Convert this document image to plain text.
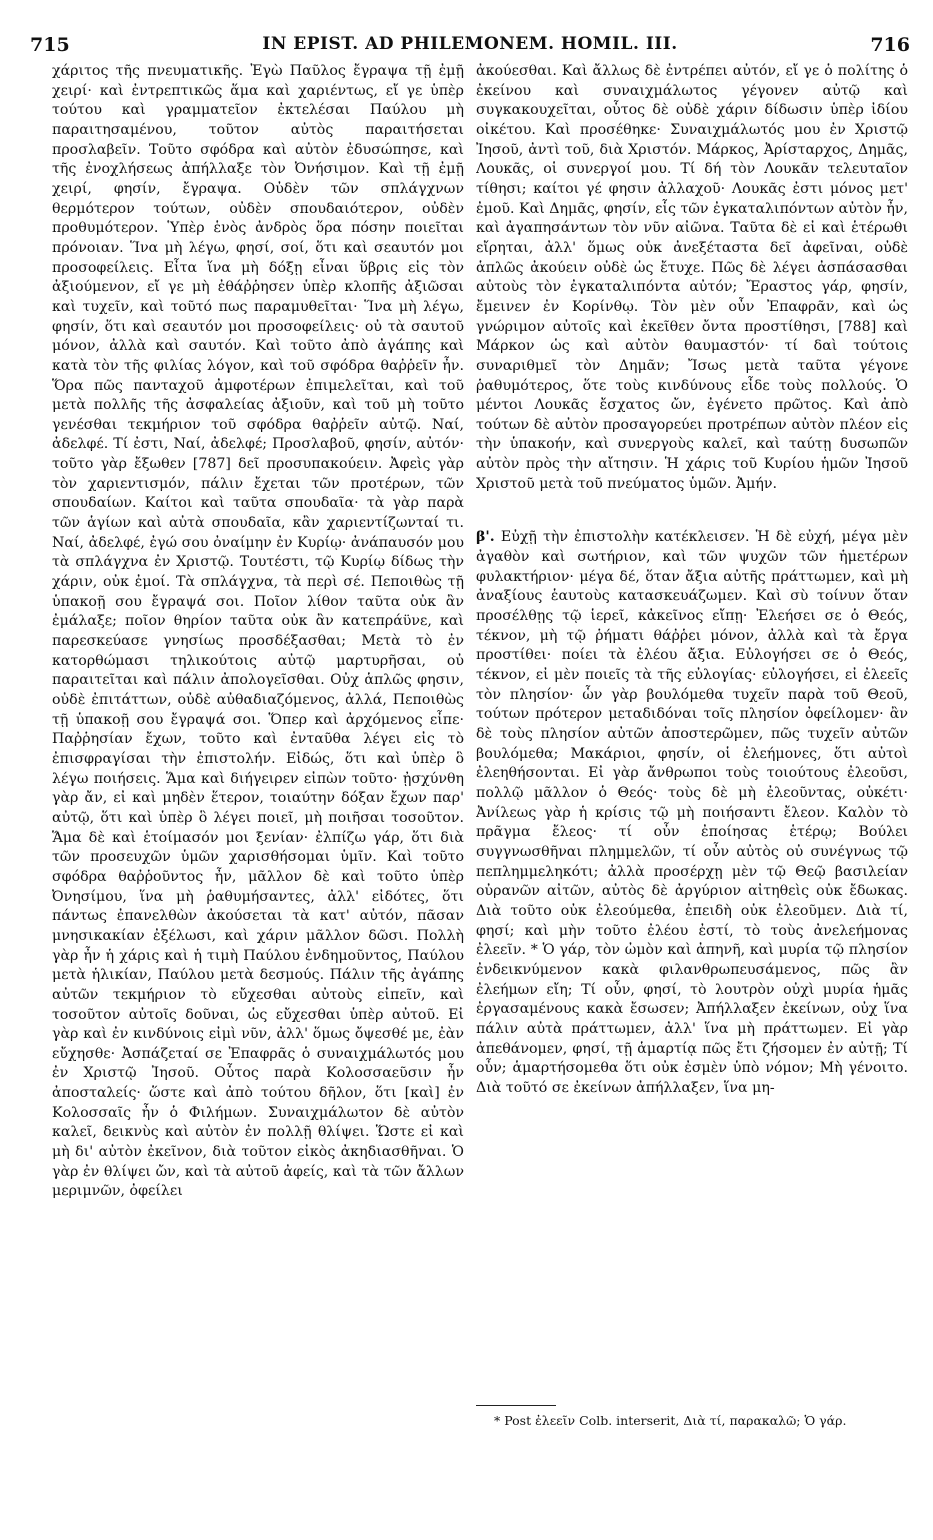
715	IN EPIST. AD PHILEMONEM. HOMIL. III.	716

χάριτος τῆς πνευματικῆς. Ἐγὼ Παῦλος ἔγραψα τῇ ἐμῇ χειρί· καὶ ἐντρεπτικῶς ἅμα καὶ χαριέντως, εἴ γε ὑπὲρ τούτου καὶ γραμματεῖον ἐκτελέσαι Παύλου μὴ παραιτησαμένου, τοῦτον αὐτὸς παραιτήσεται προσλαβεῖν. Τοῦτο σφόδρα καὶ αὐτὸν ἐδυσώπησε, καὶ τῆς ἐνοχλήσεως ἀπήλλαξε τὸν Ὀνήσιμον. Καὶ τῇ ἐμῇ χειρί, φησίν, ἔγραψα. Οὐδὲν τῶν σπλάγχνων θερμότερον τούτων, οὐδὲν σπουδαιότερον, οὐδὲν προθυμότερον. Ὑπὲρ ἑνὸς ἀνδρὸς ὅρα πόσην ποιεῖται πρόνοιαν. Ἵνα μὴ λέγω, φησί, σοί, ὅτι καὶ σεαυτόν μοι προσοφείλεις. Εἶτα ἵνα μὴ δόξῃ εἶναι ὕβρις εἰς τὸν ἀξιούμενον, εἴ γε μὴ ἐθάῤῥησεν ὑπὲρ κλοπῆς ἀξιῶσαι καὶ τυχεῖν, καὶ τοῦτό πως παραμυθεῖται· Ἵνα μὴ λέγω, φησίν, ὅτι καὶ σεαυτόν μοι προσοφείλεις· οὐ τὰ σαυτοῦ μόνον, ἀλλὰ καὶ σαυτόν. Καὶ τοῦτο ἀπὸ ἀγάπης καὶ κατὰ τὸν τῆς φιλίας λόγον, καὶ τοῦ σφόδρα θαῤῥεῖν ἦν. Ὅρα πῶς πανταχοῦ ἀμφοτέρων ἐπιμελεῖται, καὶ τοῦ μετὰ πολλῆς τῆς ἀσφαλείας ἀξιοῦν, καὶ τοῦ μὴ τοῦτο γενέσθαι τεκμήριον τοῦ σφόδρα θαῤῥεῖν αὐτῷ. Ναί, ἀδελφέ. Τί ἐστι, Ναί, ἀδελφέ; Προσλαβοῦ, φησίν, αὐτόν· τοῦτο γὰρ ἔξωθεν [787] δεῖ προσυπακούειν. Ἀφεὶς γὰρ τὸν χαριεντισμόν, πάλιν ἔχεται τῶν προτέρων, τῶν σπουδαίων. Καίτοι καὶ ταῦτα σπουδαῖα· τὰ γὰρ παρὰ τῶν ἁγίων καὶ αὐτὰ σπουδαῖα, κἂν χαριεντίζωνταί τι. Ναί, ἀδελφέ, ἐγώ σου ὀναίμην ἐν Κυρίῳ· ἀνάπαυσόν μου τὰ σπλάγχνα ἐν Χριστῷ. Τουτέστι, τῷ Κυρίῳ δίδως τὴν χάριν, οὐκ ἐμοί. Τὰ σπλάγχνα, τὰ περὶ σέ. Πεποιθὼς τῇ ὑπακοῇ σου ἔγραψά σοι. Ποῖον λίθον ταῦτα οὐκ ἂν ἐμάλαξε; ποῖον θηρίον ταῦτα οὐκ ἂν κατεπράϋνε, καὶ παρεσκεύασε γνησίως προσδέξασθαι; Μετὰ τὸ ἐν κατορθώμασι τηλικούτοις αὐτῷ μαρτυρῆσαι, οὐ παραιτεῖται καὶ πάλιν ἀπολογεῖσθαι. Οὐχ ἁπλῶς φησιν, οὐδὲ ἐπιτάττων, οὐδὲ αὐθαδιαζόμενος, ἀλλά, Πεποιθὼς τῇ ὑπακοῇ σου ἔγραψά σοι. Ὅπερ καὶ ἀρχόμενος εἶπε· Παῤῥησίαν ἔχων, τοῦτο καὶ ἐνταῦθα λέγει εἰς τὸ ἐπισφραγίσαι τὴν ἐπιστολήν. Εἰδώς, ὅτι καὶ ὑπὲρ ὃ λέγω ποιήσεις. Ἅμα καὶ διήγειρεν εἰπὼν τοῦτο· ᾐσχύνθη γὰρ ἄν, εἰ καὶ μηδὲν ἕτερον, τοιαύτην δόξαν ἔχων παρ' αὐτῷ, ὅτι καὶ ὑπὲρ ὃ λέγει ποιεῖ, μὴ ποιῆσαι τοσοῦτον. Ἅμα δὲ καὶ ἑτοίμασόν μοι ξενίαν· ἐλπίζω γάρ, ὅτι διὰ τῶν προσευχῶν ὑμῶν χαρισθήσομαι ὑμῖν. Καὶ τοῦτο σφόδρα θαῤῥοῦντος ἦν, μᾶλλον δὲ καὶ τοῦτο ὑπὲρ Ὀνησίμου, ἵνα μὴ ῥαθυμήσαντες, ἀλλ' εἰδότες, ὅτι πάντως ἐπανελθὼν ἀκούσεται τὰ κατ' αὐτόν, πᾶσαν μνησικακίαν ἐξέλωσι, καὶ χάριν μᾶλλον δῶσι. Πολλὴ γὰρ ἦν ἡ χάρις καὶ ἡ τιμὴ Παύλου ἐνδημοῦντος, Παύλου μετὰ ἡλικίαν, Παύλου μετὰ δεσμούς. Πάλιν τῆς ἀγάπης αὐτῶν τεκμήριον τὸ εὔχεσθαι αὐτοὺς εἰπεῖν, καὶ τοσοῦτον αὐτοῖς δοῦναι, ὡς εὔχεσθαι ὑπὲρ αὐτοῦ. Εἰ γὰρ καὶ ἐν κινδύνοις εἰμὶ νῦν, ἀλλ' ὅμως ὄψεσθέ με, ἐὰν εὔχησθε· Ἀσπάζεταί σε Ἐπαφρᾶς ὁ συναιχμάλωτός μου ἐν Χριστῷ Ἰησοῦ. Οὗτος παρὰ Κολοσσαεῦσιν ἦν ἀποσταλείς· ὥστε καὶ ἀπὸ τούτου δῆλον, ὅτι [καὶ] ἐν Κολοσσαῖς ἦν ὁ Φιλήμων. Συναιχμάλωτον δὲ αὐτὸν καλεῖ, δεικνὺς καὶ αὐτὸν ἐν πολλῇ θλίψει. Ὥστε εἰ καὶ μὴ δι' αὐτὸν ἐκεῖνον, διὰ τοῦτον εἰκὸς ἀκηδιασθῆναι. Ὁ γὰρ ἐν θλίψει ὤν, καὶ τὰ αὐτοῦ ἀφείς, καὶ τὰ τῶν ἄλλων μεριμνῶν, ὀφείλει

ἀκούεσθαι. Καὶ ἄλλως δὲ ἐντρέπει αὐτόν, εἴ γε ὁ πολίτης ὁ ἐκείνου καὶ συναιχμάλωτος γέγονεν αὐτῷ καὶ συγκακουχεῖται, οὗτος δὲ οὐδὲ χάριν δίδωσιν ὑπὲρ ἰδίου οἰκέτου. Καὶ προσέθηκε· Συναιχμάλωτός μου ἐν Χριστῷ Ἰησοῦ, ἀντὶ τοῦ, διὰ Χριστόν. Μάρκος, Ἀρίσταρχος, Δημᾶς, Λουκᾶς, οἱ συνεργοί μου. Τί δή τὸν Λουκᾶν τελευταῖον τίθησι; καίτοι γέ φησιν ἀλλαχοῦ· Λουκᾶς ἐστι μόνος μετ' ἐμοῦ. Καὶ Δημᾶς, φησίν, εἷς τῶν ἐγκαταλιπόντων αὐτὸν ἦν, καὶ ἀγαπησάντων τὸν νῦν αἰῶνα. Ταῦτα δὲ εἰ καὶ ἑτέρωθι εἴρηται, ἀλλ' ὅμως οὐκ ἀνεξέταστα δεῖ ἀφεῖναι, οὐδὲ ἁπλῶς ἀκούειν οὐδὲ ὡς ἔτυχε. Πῶς δὲ λέγει ἀσπάσασθαι αὐτοὺς τὸν ἐγκαταλιπόντα αὐτόν; Ἔραστος γάρ, φησίν, ἔμεινεν ἐν Κορίνθῳ. Τὸν μὲν οὖν Ἐπαφρᾶν, καὶ ὡς γνώριμον αὐτοῖς καὶ ἐκεῖθεν ὄντα προστίθησι, [788] καὶ Μάρκον ὡς καὶ αὐτὸν θαυμαστόν· τί δαὶ τούτοις συναριθμεῖ τὸν Δημᾶν; Ἴσως μετὰ ταῦτα γέγονε ῥαθυμότερος, ὅτε τοὺς κινδύνους εἶδε τοὺς πολλούς. Ὁ μέντοι Λουκᾶς ἔσχατος ὤν, ἐγένετο πρῶτος. Καὶ ἀπὸ τούτων δὲ αὐτὸν προσαγορεύει προτρέπων αὐτὸν πλέον εἰς τὴν ὑπακοήν, καὶ συνεργοὺς καλεῖ, καὶ ταύτῃ δυσωπῶν αὐτὸν πρὸς τὴν αἴτησιν. Ἡ χάρις τοῦ Κυρίου ἡμῶν Ἰησοῦ Χριστοῦ μετὰ τοῦ πνεύματος ὑμῶν. Ἀμήν.

β'. Εὐχῇ τὴν ἐπιστολὴν κατέκλεισεν. Ἡ δὲ εὐχή, μέγα μὲν ἀγαθὸν καὶ σωτήριον, καὶ τῶν ψυχῶν τῶν ἡμετέρων φυλακτήριον· μέγα δέ, ὅταν ἄξια αὐτῆς πράττωμεν, καὶ μὴ ἀναξίους ἑαυτοὺς κατασκευάζωμεν. Καὶ σὺ τοίνυν ὅταν προσέλθῃς τῷ ἱερεῖ, κἀκεῖνος εἴπῃ· Ἐλεήσει σε ὁ Θεός, τέκνον, μὴ τῷ ῥήματι θάῤῥει μόνον, ἀλλὰ καὶ τὰ ἔργα προστίθει· ποίει τὰ ἐλέου ἄξια. Εὐλογήσει σε ὁ Θεός, τέκνον, εἰ μὲν ποιεῖς τὰ τῆς εὐλογίας· εὐλογήσει, εἰ ἐλεεῖς τὸν πλησίον· ὧν γὰρ βουλόμεθα τυχεῖν παρὰ τοῦ Θεοῦ, τούτων πρότερον μεταδιδόναι τοῖς πλησίον ὀφείλομεν· ἂν δὲ τοὺς πλησίον αὐτῶν ἀποστερῶμεν, πῶς τυχεῖν αὐτῶν βουλόμεθα; Μακάριοι, φησίν, οἱ ἐλεήμονες, ὅτι αὐτοὶ ἐλεηθήσονται. Εἰ γὰρ ἄνθρωποι τοὺς τοιούτους ἐλεοῦσι, πολλῷ μᾶλλον ὁ Θεός· τοὺς δὲ μὴ ἐλεοῦντας, οὐκέτι· Ἀνίλεως γὰρ ἡ κρίσις τῷ μὴ ποιήσαντι ἔλεον. Καλὸν τὸ πρᾶγμα ἔλεος· τί οὖν ἐποίησας ἑτέρῳ; Βούλει συγγνωσθῆναι πλημμελῶν, τί οὖν αὐτὸς οὐ συνέγνως τῷ πεπλημμεληκότι; ἀλλὰ προσέρχῃ μὲν τῷ Θεῷ βασιλείαν οὐρανῶν αἰτῶν, αὐτὸς δὲ ἀργύριον αἰτηθεὶς οὐκ ἔδωκας. Διὰ τοῦτο οὐκ ἐλεούμεθα, ἐπειδὴ οὐκ ἐλεοῦμεν. Διὰ τί, φησί; καὶ μὴν τοῦτο ἐλέου ἐστί, τὸ τοὺς ἀνελεήμονας ἐλεεῖν. * Ὁ γάρ, τὸν ὠμὸν καὶ ἀπηνῆ, καὶ μυρία τῷ πλησίον ἐνδεικνύμενον κακὰ φιλανθρωπευσάμενος, πῶς ἂν ἐλεήμων εἴη; Τί οὖν, φησί, τὸ λουτρὸν οὐχὶ μυρία ἡμᾶς ἐργασαμένους κακὰ ἔσωσεν; Ἀπήλλαξεν ἐκείνων, οὐχ ἵνα πάλιν αὐτὰ πράττωμεν, ἀλλ' ἵνα μὴ πράττωμεν. Εἰ γὰρ ἀπεθάνομεν, φησί, τῇ ἁμαρτίᾳ πῶς ἔτι ζήσομεν ἐν αὐτῇ; Τί οὖν; ἁμαρτήσομεθα ὅτι οὐκ ἐσμὲν ὑπὸ νόμον; Μὴ γένοιτο. Διὰ τοῦτό σε ἐκείνων ἀπήλλαξεν, ἵνα μη-

* Post ἐλεεῖν Colb. interserit, Διὰ τί, παρακαλῶ; Ὁ γάρ.
